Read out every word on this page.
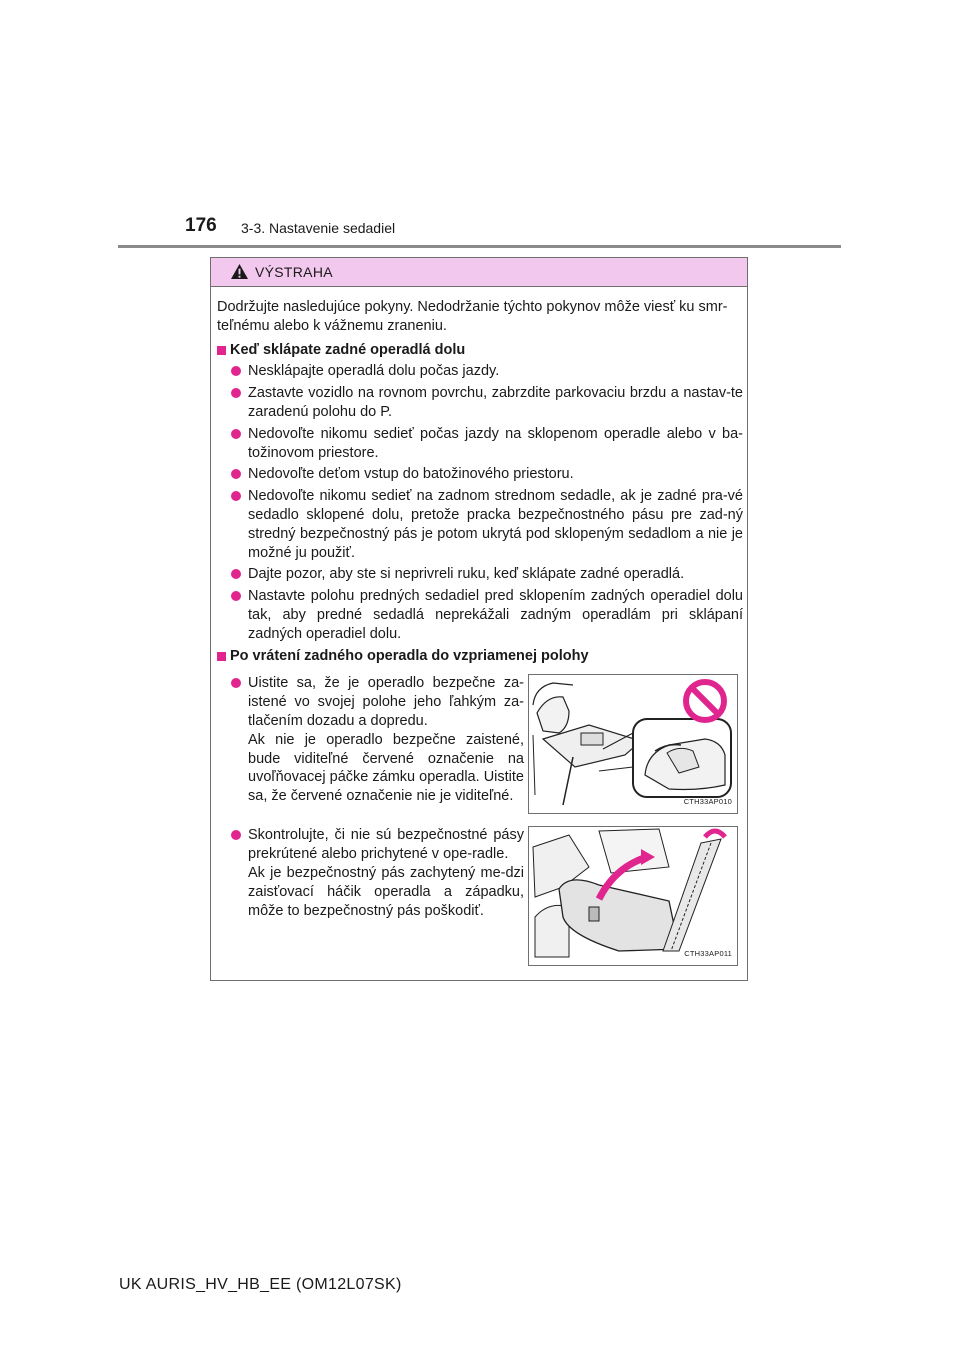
176 3-3. Nastavenie sedadiel
VÝSTRAHA

Dodržujte nasledujúce pokyny. Nedodržanie týchto pokynov môže viesť ku smr-teľnému alebo k vážnemu zraneniu.

Keď sklápate zadné operadlá dolu
Nesklápajte operadlá dolu počas jazdy.
Zastavte vozidlo na rovnom povrchu, zabrzdite parkovaciu brzdu a nastav-te zaradenú polohu do P.
Nedovoľte nikomu sedieť počas jazdy na sklopenom operadle alebo v ba-tožinovom priestore.
Nedovoľte deťom vstup do batožinového priestoru.
Nedovoľte nikomu sedieť na zadnom strednom sedadle, ak je zadné pra-vé sedadlo sklopené dolu, pretože pracka bezpečnostného pásu pre zad-ný stredný bezpečnostný pás je potom ukrytá pod sklopeným sedadlom a nie je možné ju použiť.
Dajte pozor, aby ste si neprivreli ruku, keď sklápate zadné operadlá.
Nastavte polohu predných sedadiel pred sklopením zadných operadiel dolu tak, aby predné sedadlá neprekážali zadným operadlám pri sklápaní zadných operadiel dolu.
Po vrátení zadného operadla do vzpriamenej polohy
Uistite sa, že je operadlo bezpečne za-istené vo svojej polohe jeho ľahkým za-tlačením dozadu a dopredu.
Ak nie je operadlo bezpečne zaistené, bude viditeľné červené označenie na uvoľňovacej páčke zámku operadla. Uistite sa, že červené označenie nie je viditeľné.	CTH33AP010
Skontrolujte, či nie sú bezpečnostné pásy prekrútené alebo prichytené v ope-radle.
Ak je bezpečnostný pás zachytený me-dzi zaisťovací háčik operadla a západku, môže to bezpečnostný pás poškodiť.
CTH33AP011
UK AURIS_HV_HB_EE (OM12L07SK)
